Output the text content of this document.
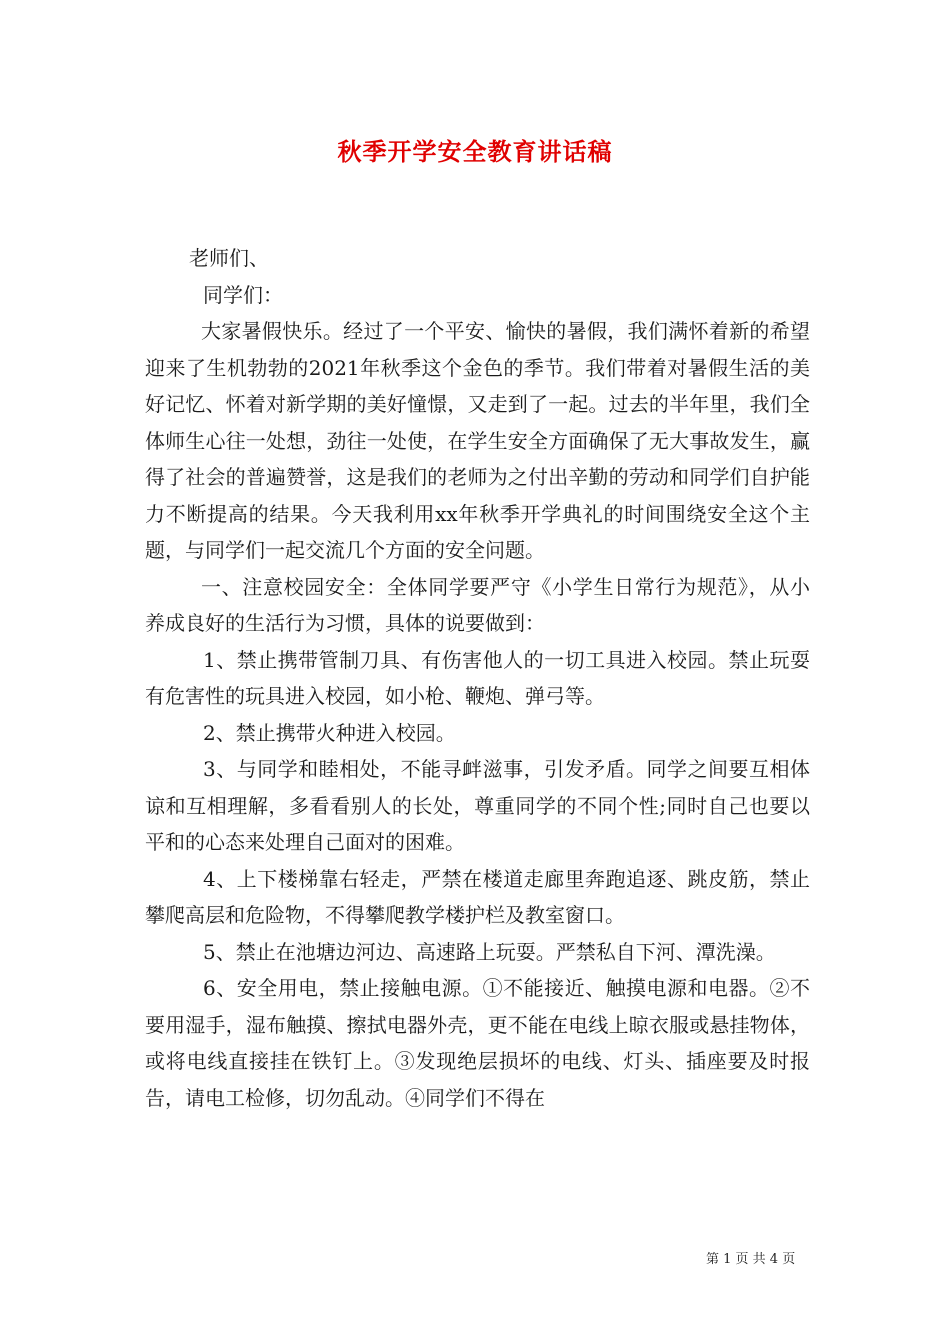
秋季开学安全教育讲话稿
老师们、
同学们：

大家暑假快乐。经过了一个平安、愉快的暑假，我们满怀着新的希望迎来了生机勃勃的2021年秋季这个金色的季节。我们带着对暑假生活的美好记忆、怀着对新学期的美好憧憬，又走到了一起。过去的半年里，我们全体师生心往一处想，劲往一处使，在学生安全方面确保了无大事故发生，赢得了社会的普遍赞誉，这是我们的老师为之付出辛勤的劳动和同学们自护能力不断提高的结果。今天我利用xx年秋季开学典礼的时间围绕安全这个主题，与同学们一起交流几个方面的安全问题。

一、注意校园安全：全体同学要严守《小学生日常行为规范》，从小养成良好的生活行为习惯，具体的说要做到：

1、禁止携带管制刀具、有伤害他人的一切工具进入校园。禁止玩耍有危害性的玩具进入校园，如小枪、鞭炮、弹弓等。

2、禁止携带火种进入校园。

3、与同学和睦相处，不能寻衅滋事，引发矛盾。同学之间要互相体谅和互相理解，多看看别人的长处，尊重同学的不同个性;同时自己也要以平和的心态来处理自己面对的困难。

4、上下楼梯靠右轻走，严禁在楼道走廊里奔跑追逐、跳皮筋，禁止攀爬高层和危险物，不得攀爬教学楼护栏及教室窗口。

5、禁止在池塘边河边、高速路上玩耍。严禁私自下河、潭洗澡。

6、安全用电，禁止接触电源。①不能接近、触摸电源和电器。②不要用湿手，湿布触摸、擦拭电器外壳，更不能在电线上晾衣服或悬挂物体，或将电线直接挂在铁钉上。③发现绝层损坏的电线、灯头、插座要及时报告，请电工检修，切勿乱动。④同学们不得在

第 1 页 共 4 页
